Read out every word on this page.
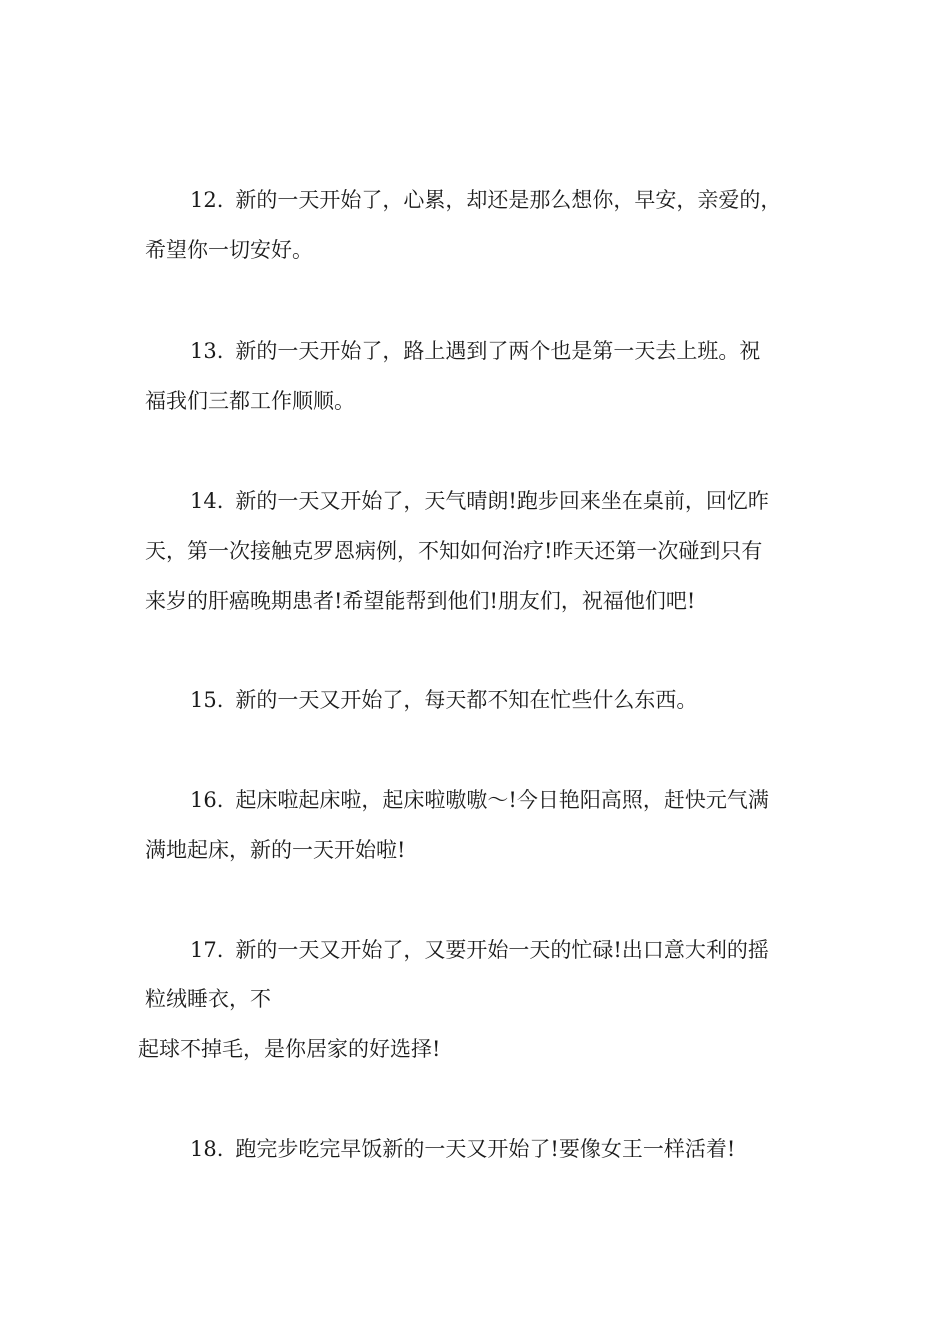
12. 新的一天开始了，心累，却还是那么想你，早安，亲爱的，
希望你一切安好。
13. 新的一天开始了，路上遇到了两个也是第一天去上班。祝
福我们三都工作顺顺。
14. 新的一天又开始了，天气晴朗!跑步回来坐在桌前，回忆昨
天，第一次接触克罗恩病例，不知如何治疗!昨天还第一次碰到只有
来岁的肝癌晚期患者!希望能帮到他们!朋友们，祝福他们吧!
15. 新的一天又开始了，每天都不知在忙些什么东西。
16. 起床啦起床啦，起床啦嗷嗷～!今日艳阳高照，赶快元气满
满地起床，新的一天开始啦!
17. 新的一天又开始了，又要开始一天的忙碌!出口意大利的摇
粒绒睡衣，不
起球不掉毛，是你居家的好选择!
18. 跑完步吃完早饭新的一天又开始了!要像女王一样活着!
